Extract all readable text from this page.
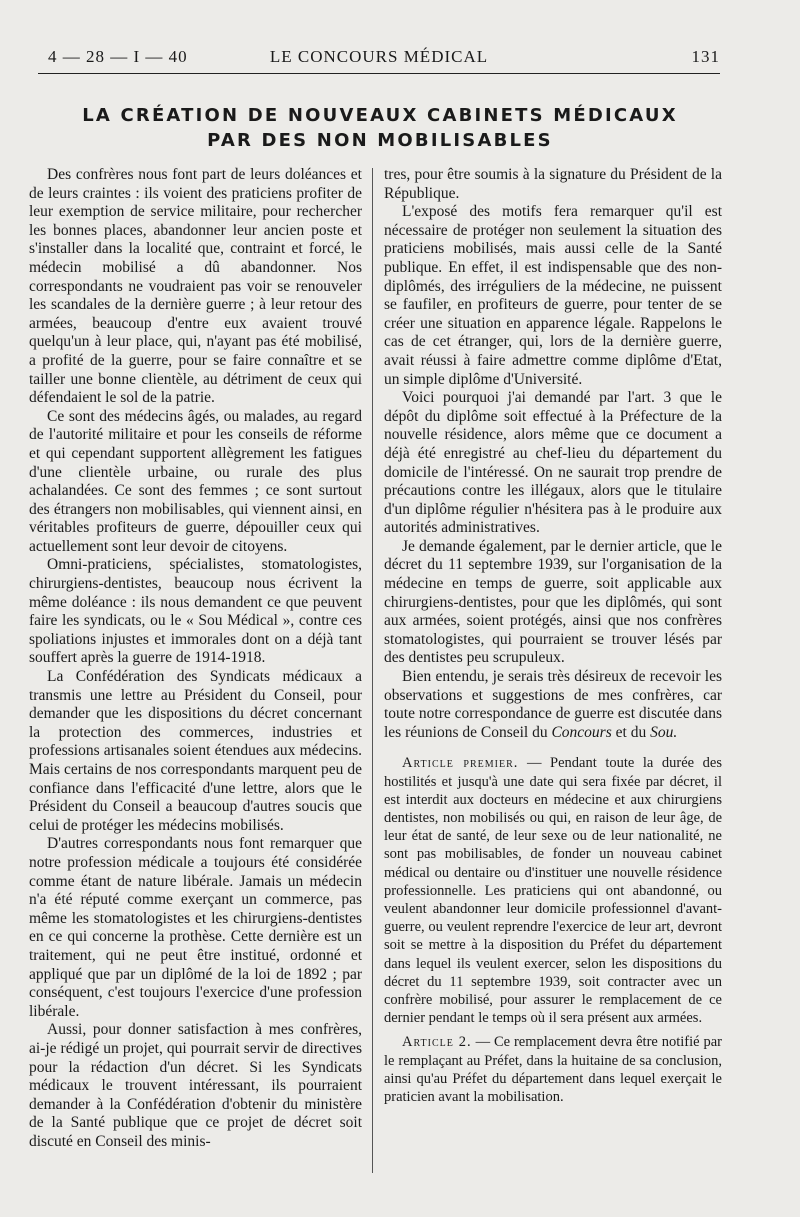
4 — 28 — I — 40	LE CONCOURS MÉDICAL	131
LA CRÉATION DE NOUVEAUX CABINETS MÉDICAUX
PAR DES NON MOBILISABLES

Des confrères nous font part de leurs doléances et de leurs craintes : ils voient des praticiens profiter de leur exemption de service militaire, pour rechercher les bonnes places, abandonner leur ancien poste et s'installer dans la localité que, contraint et forcé, le médecin mobilisé a dû abandonner. Nos correspondants ne voudraient pas voir se renouveler les scandales de la dernière guerre ; à leur retour des armées, beaucoup d'entre eux avaient trouvé quelqu'un à leur place, qui, n'ayant pas été mobilisé, a profité de la guerre, pour se faire connaître et se tailler une bonne clientèle, au détriment de ceux qui défendaient le sol de la patrie.

Ce sont des médecins âgés, ou malades, au regard de l'autorité militaire et pour les conseils de réforme et qui cependant supportent allègrement les fatigues d'une clientèle urbaine, ou rurale des plus achalandées. Ce sont des femmes ; ce sont surtout des étrangers non mobilisables, qui viennent ainsi, en véritables profiteurs de guerre, dépouiller ceux qui actuellement sont leur devoir de citoyens.

Omni-praticiens, spécialistes, stomatologistes, chirurgiens-dentistes, beaucoup nous écrivent la même doléance : ils nous demandent ce que peuvent faire les syndicats, ou le « Sou Médical », contre ces spoliations injustes et immorales dont on a déjà tant souffert après la guerre de 1914-1918.

La Confédération des Syndicats médicaux a transmis une lettre au Président du Conseil, pour demander que les dispositions du décret concernant la protection des commerces, industries et professions artisanales soient étendues aux médecins. Mais certains de nos correspondants marquent peu de confiance dans l'efficacité d'une lettre, alors que le Président du Conseil a beaucoup d'autres soucis que celui de protéger les médecins mobilisés.

D'autres correspondants nous font remarquer que notre profession médicale a toujours été considérée comme étant de nature libérale. Jamais un médecin n'a été réputé comme exerçant un commerce, pas même les stomatologistes et les chirurgiens-dentistes en ce qui concerne la prothèse. Cette dernière est un traitement, qui ne peut être institué, ordonné et appliqué que par un diplômé de la loi de 1892 ; par conséquent, c'est toujours l'exercice d'une profession libérale.

Aussi, pour donner satisfaction à mes confrères, ai-je rédigé un projet, qui pourrait servir de directives pour la rédaction d'un décret. Si les Syndicats médicaux le trouvent intéressant, ils pourraient demander à la Confédération d'obtenir du ministère de la Santé publique que ce projet de décret soit discuté en Conseil des minis-

tres, pour être soumis à la signature du Président de la République.

L'exposé des motifs fera remarquer qu'il est nécessaire de protéger non seulement la situation des praticiens mobilisés, mais aussi celle de la Santé publique. En effet, il est indispensable que des non-diplômés, des irréguliers de la médecine, ne puissent se faufiler, en profiteurs de guerre, pour tenter de se créer une situation en apparence légale. Rappelons le cas de cet étranger, qui, lors de la dernière guerre, avait réussi à faire admettre comme diplôme d'Etat, un simple diplôme d'Université.

Voici pourquoi j'ai demandé par l'art. 3 que le dépôt du diplôme soit effectué à la Préfecture de la nouvelle résidence, alors même que ce document a déjà été enregistré au chef-lieu du département du domicile de l'intéressé. On ne saurait trop prendre de précautions contre les illégaux, alors que le titulaire d'un diplôme régulier n'hésitera pas à le produire aux autorités administratives.

Je demande également, par le dernier article, que le décret du 11 septembre 1939, sur l'organisation de la médecine en temps de guerre, soit applicable aux chirurgiens-dentistes, pour que les diplômés, qui sont aux armées, soient protégés, ainsi que nos confrères stomatologistes, qui pourraient se trouver lésés par des dentistes peu scrupuleux.

Bien entendu, je serais très désireux de recevoir les observations et suggestions de mes confrères, car toute notre correspondance de guerre est discutée dans les réunions de Conseil du Concours et du Sou.

Article premier. — Pendant toute la durée des hostilités et jusqu'à une date qui sera fixée par décret, il est interdit aux docteurs en médecine et aux chirurgiens dentistes, non mobilisés ou qui, en raison de leur âge, de leur état de santé, de leur sexe ou de leur nationalité, ne sont pas mobilisables, de fonder un nouveau cabinet médical ou dentaire ou d'instituer une nouvelle résidence professionnelle. Les praticiens qui ont abandonné, ou veulent abandonner leur domicile professionnel d'avant-guerre, ou veulent reprendre l'exercice de leur art, devront soit se mettre à la disposition du Préfet du département dans lequel ils veulent exercer, selon les dispositions du décret du 11 septembre 1939, soit contracter avec un confrère mobilisé, pour assurer le remplacement de ce dernier pendant le temps où il sera présent aux armées.

Article 2. — Ce remplacement devra être notifié par le remplaçant au Préfet, dans la huitaine de sa conclusion, ainsi qu'au Préfet du département dans lequel exerçait le praticien avant la mobilisation.
